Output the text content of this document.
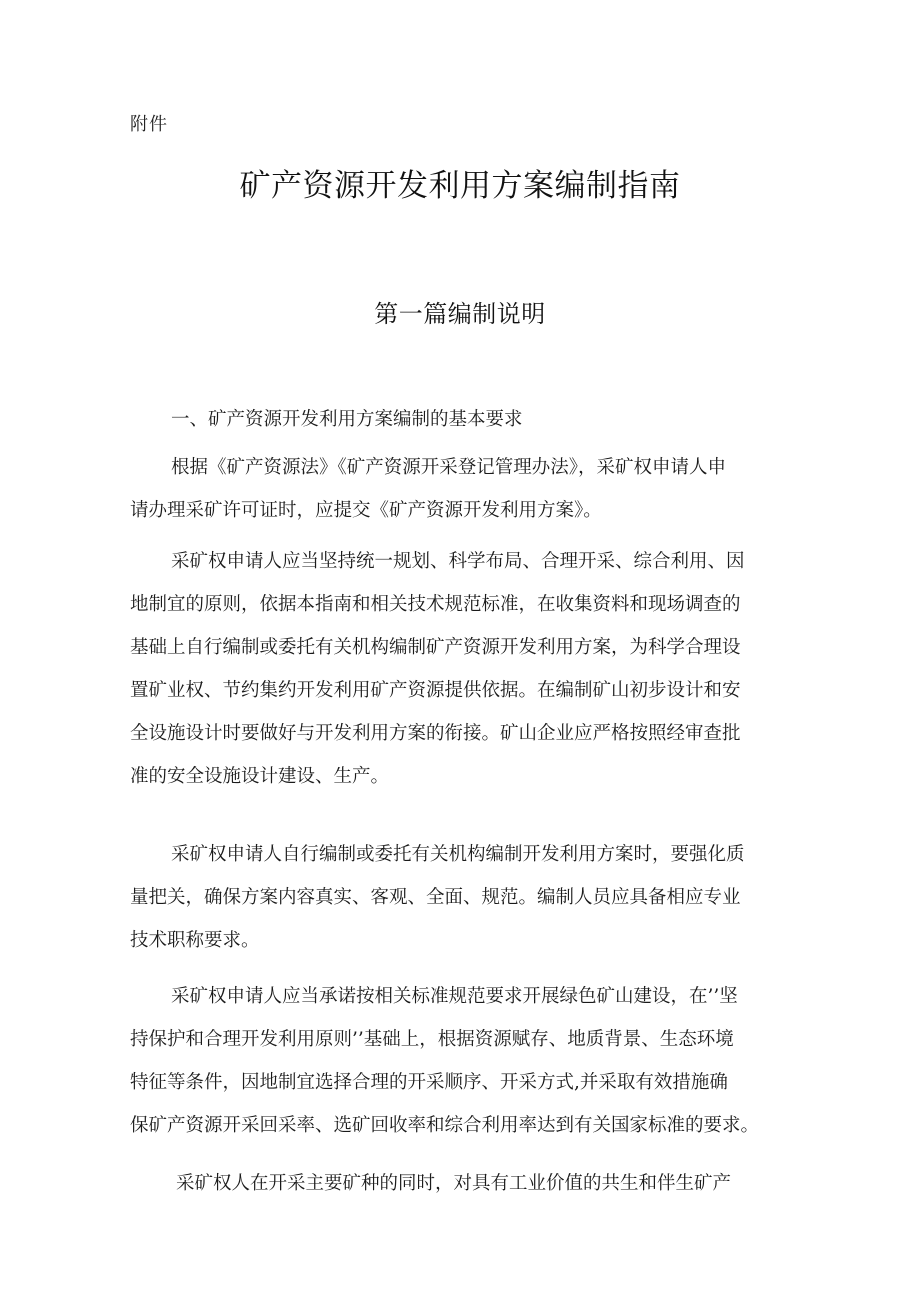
附件
矿产资源开发利用方案编制指南
第一篇编制说明
一、矿产资源开发利用方案编制的基本要求
根据《矿产资源法》《矿产资源开采登记管理办法》，采矿权申请人申
请办理采矿许可证时，应提交《矿产资源开发利用方案》。
采矿权申请人应当坚持统一规划、科学布局、合理开采、综合利用、因
地制宜的原则，依据本指南和相关技术规范标准，在收集资料和现场调查的
基础上自行编制或委托有关机构编制矿产资源开发利用方案，为科学合理设
置矿业权、节约集约开发利用矿产资源提供依据。在编制矿山初步设计和安
全设施设计时要做好与开发利用方案的衔接。矿山企业应严格按照经审查批
准的安全设施设计建设、生产。
采矿权申请人自行编制或委托有关机构编制开发利用方案时，要强化质
量把关，确保方案内容真实、客观、全面、规范。编制人员应具备相应专业
技术职称要求。
采矿权申请人应当承诺按相关标准规范要求开展绿色矿山建设，在’’坚
持保护和合理开发利用原则’’基础上，根据资源赋存、地质背景、生态环境
特征等条件，因地制宜选择合理的开采顺序、开采方式,并采取有效措施确
保矿产资源开采回采率、选矿回收率和综合利用率达到有关国家标准的要求。
采矿权人在开采主要矿种的同时，对具有工业价值的共生和伴生矿产
